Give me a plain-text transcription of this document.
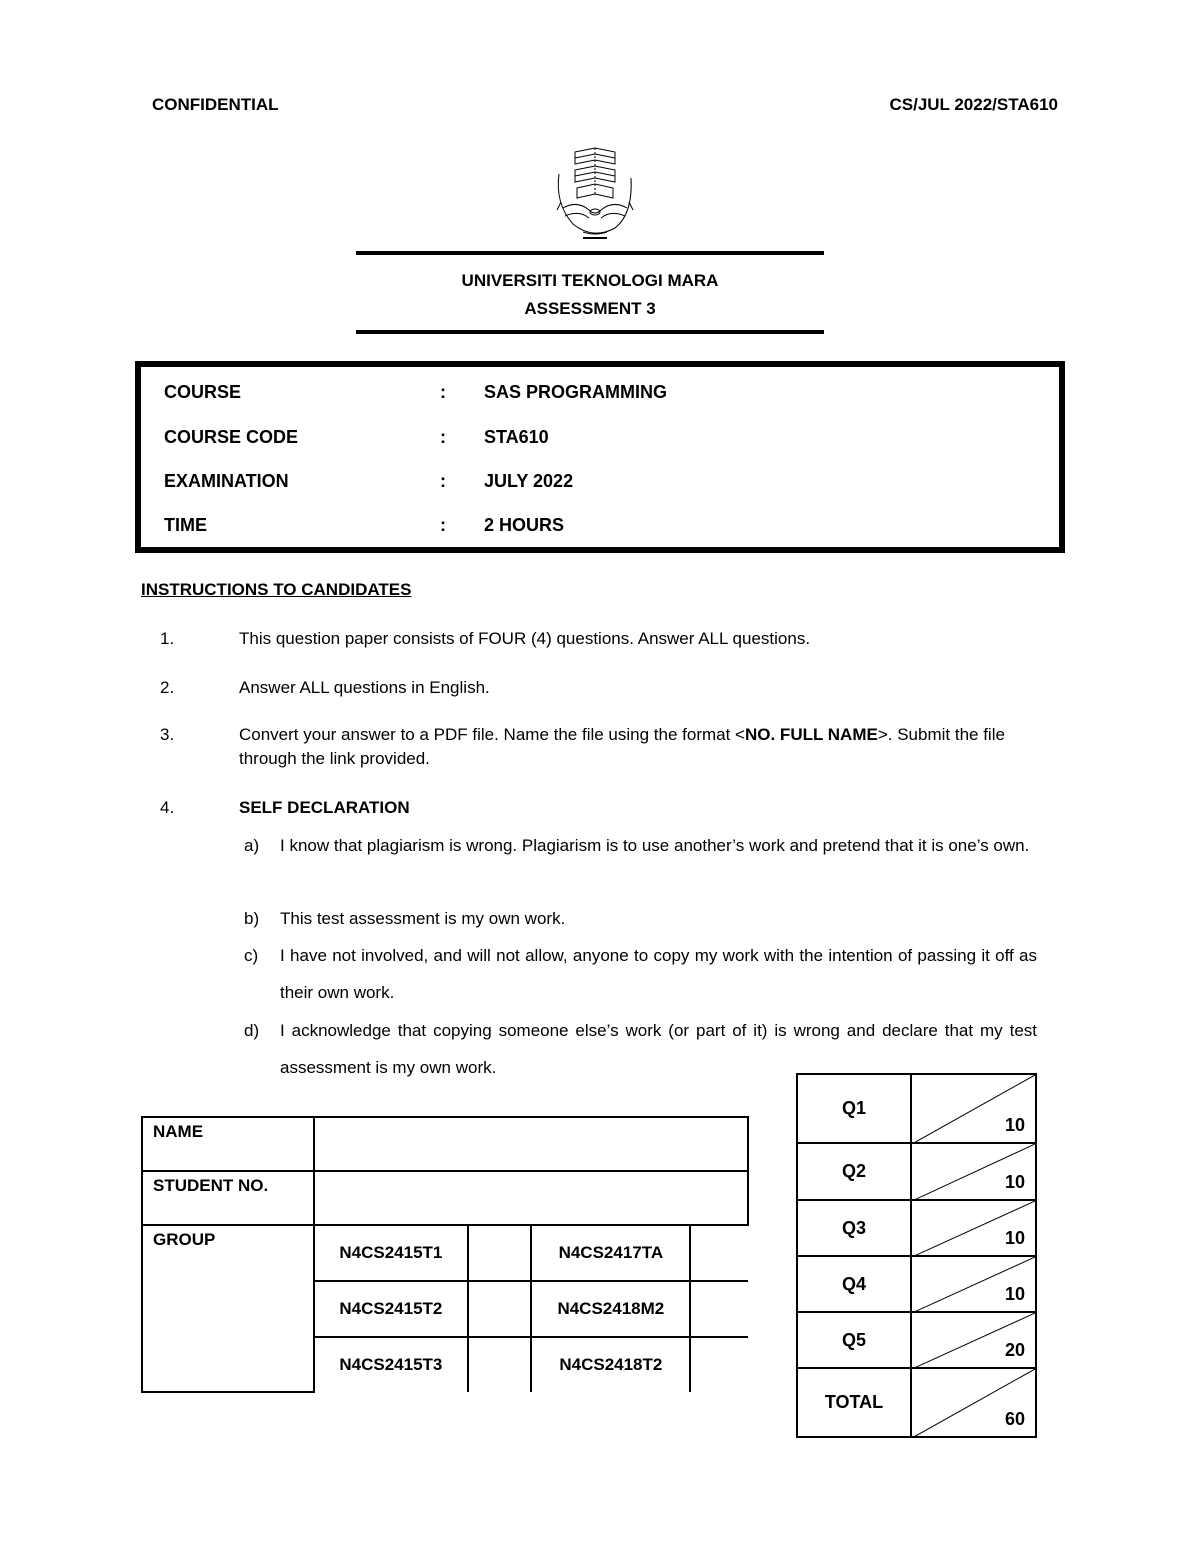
CONFIDENTIAL	CS/JUL 2022/STA610
UNIVERSITI TEKNOLOGI MARA
ASSESSMENT 3
COURSE	: SAS PROGRAMMING
COURSE CODE	: STA610
EXAMINATION	: JULY 2022
TIME	: 2 HOURS
INSTRUCTIONS TO CANDIDATES
1.	This question paper consists of FOUR (4) questions. Answer ALL questions.
2.	Answer ALL questions in English.
3.	Convert your answer to a PDF file. Name the file using the format <NO. FULL NAME>. Submit the file through the link provided.
4.	SELF DECLARATION
a) I know that plagiarism is wrong. Plagiarism is to use another’s work and pretend that it is one’s own.
b) This test assessment is my own work.
c) I have not involved, and will not allow, anyone to copy my work with the intention of passing it off as their own work.
d) I acknowledge that copying someone else’s work (or part of it) is wrong and declare that my test assessment is my own work.
NAME	
STUDENT NO.	
GROUP	
N4CS2415T1		N4CS2417TA	
N4CS2415T2		N4CS2418M2	
N4CS2415T3		N4CS2418T2	
Q1	10

Q2	10

Q3	10

Q4	10

Q5	20

TOTAL	60
